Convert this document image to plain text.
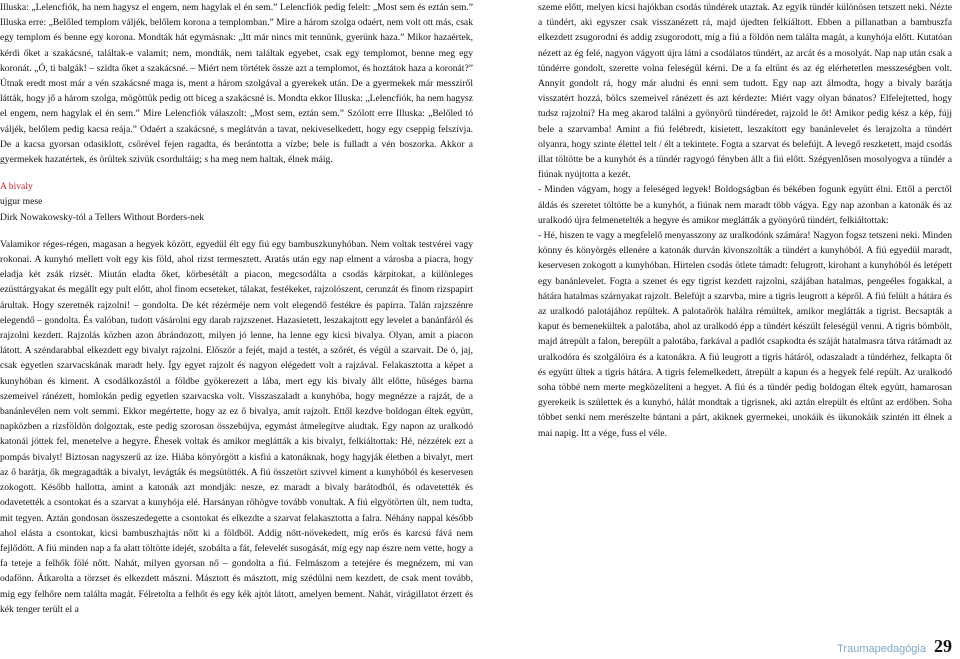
Illuska: „Lelencfiók, ha nem hagysz el engem, nem hagylak el én sem.” Lelencfiók pedig felelt: „Most sem és eztán sem.” Illuska erre: „Belőled templom váljék, belőlem korona a templomban.” Mire a három szolga odaért, nem volt ott más, csak egy templom és benne egy korona. Mondták hát egymásnak: „Itt már nincs mit tennünk, gyerünk haza.” Mikor hazaértek, kérdi őket a szakácsné, találtak-e valamit; nem, mondták, nem találtak egyebet, csak egy templomot, benne meg egy koronát. „Ó, ti balgák! – szidta őket a szakácsné. – Miért nem törtétek össze azt a templomot, és hoztátok haza a koronát?” Útnak eredt most már a vén szakácsné maga is, ment a három szolgával a gyerekek után. De a gyermekek már messziről látták, hogy jő a három szolga, mögöttük pedig ott biceg a szakácsné is. Mondta ekkor Illuska: „Lelencfiók, ha nem hagysz el engem, nem hagylak el én sem.” Mire Lelencfiók válaszolt: „Most sem, eztán sem.” Szólott erre Illuska: „Belőled tó váljék, belőlem pedig kacsa reája.” Odaért a szakácsné, s meglátván a tavat, nekiveselkedett, hogy egy cseppig felszívja. De a kacsa gyorsan odasiklott, csőrével fejen ragadta, és berántotta a vízbe; bele is fulladt a vén boszorka. Akkor a gyermekek hazatértek, és örültek szívük csordultáig; s ha meg nem haltak, élnek máig.

A bivaly

ujgur mese

Dirk Nowakowsky-tól a Tellers Without Borders-nek

Valamikor réges-régen, magasan a hegyek között, egyedül élt egy fiú egy bambuszkunyhóban. Nem voltak testvérei vagy rokonai. A kunyhó mellett volt egy kis föld, ahol rizst termesztett. Aratás után egy nap elment a városba a piacra, hogy eladja két zsák rizsét. Miután eladta őket, körbesétált a piacon, megcsodálta a csodás kárpitokat, a különleges ezüsttárgyakat és megállt egy pult előtt, ahol finom ecseteket, tálakat, festékeket, rajzolószent, cerunzát és finom rizspapírt árultak. Hogy szeretnék rajzolni! – gondolta. De két rézérméje nem volt elegendő festékre és papírra. Talán rajzszénre elegendő – gondolta. És valóban, tudott vásárolni egy darab rajzszenet. Hazasietett, leszakajtott egy levelet a banánfáról és rajzolni kezdett. Rajzolás közben azon ábrándozott, milyen jó lenne, ha lenne egy kicsi bivalya. Olyan, amit a piacon látott. A széndarabbal elkezdett egy bivalyt rajzolni. Először a fejét, majd a testét, a szőrét, és végül a szarvait. De ó, jaj, csak egyetlen szarvacskának maradt hely. Így egyet rajzolt és nagyon elégedett volt a rajzával. Felakasztotta a képet a kunyhóban és kiment. A csodálkozástól a földbe gyökerezett a lába, mert egy kis bivaly állt előtte, hűséges barna szemeivel ránézett, homlokán pedig egyetlen szarvacska volt. Visszaszaladt a kunyhóba, hogy megnézze a rajzát, de a banánlevélen nem volt semmi. Ekkor megértette, hogy az ez ő bivalya, amit rajzolt. Ettől kezdve boldogan éltek együtt, napközben a rizsföldön dolgoztak, este pedig szorosan összebújva, egymást átmelegítve aludtak. Egy napon az uralkodó katonái jöttek fel, menetelve a hegyre. Éhesek voltak és amikor meglátták a kis bivalyt, felkiáltottak: Hé, nézzétek ezt a pompás bivalyt! Biztosan nagyszerű az íze. Hiába könyörgött a kisfiú a katonáknak, hogy hagyják életben a bivalyt, mert az ő barátja, ők megragadták a bivalyt, levágták és megsütötték. A fiú összetört szívvel kiment a kunyhóból és keservesen zokogott. Később hallotta, amint a katonák azt mondják: nesze, ez maradt a bivaly barátodból, és odavetették és odavetették a csontokat és a szarvat a kunyhója elé. Harsányan röhögve tovább vonultak. A fiú elgyötörten ült, nem tudta, mit tegyen. Aztán gondosan összeszedegette a csontokat és elkezdte a szarvat felakasztotta a falra. Néhány nappal később ahol elásta a csontokat, kicsi bambuszhajtás nőtt ki a földből. Addig nőtt-növekedett, míg erős és karcsú fává nem fejlődött. A fiú minden nap a fa alatt töltötte idejét, szobálta a fát, felevelét susogását, míg egy nap észre nem vette, hogy a fa teteje a felhők fölé nőtt. Nahát, milyen gyorsan nő – gondolta a fiú. Felmászom a tetejére és megnézem, mi van odafönn. Átkarolta a törzset és elkezdett mászni. Másztott és másztott, míg szédülni nem kezdett, de csak ment tovább, míg egy felhőre nem találta magát. Félretolta a felhőt és egy kék ajtót látott, amelyen bement. Nahát, virágillatot érzett és kék tenger terült el a

szeme előtt, melyen kicsi hajókban csodás tündérek utaztak. Az egyik tündér különösen tetszett neki. Nézte a tündért, aki egyszer csak visszanézett rá, majd újedten felkiáltott. Ebben a pillanatban a bambuszfa elkezdett zsugorodni és addig zsugorodott, míg a fiú a földön nem találta magát, a kunyhója előtt. Kutatóan nézett az ég felé, nagyon vágyott újra látni a csodálatos tündért, az arcát és a mosolyát. Nap nap után csak a tündérre gondolt, szerette volna feleségül kérni. De a fa eltűnt és az ég elérhetetlen messzeségben volt. Annyit gondolt rá, hogy már aludni és enni sem tudott. Egy nap azt álmodta, hogy a bivaly barátja visszatért hozzá, bölcs szemeivel ránézett és azt kérdezte: Miért vagy olyan bánatos? Elfelejtetted, hogy tudsz rajzolni? Ha meg akarod találni a gyönyörű tündéredet, rajzold le őt! Amikor pedig kész a kép, fújj bele a szarvamba! Amint a fiú felébredt, kisietett, leszakított egy banánlevelet és lerajzolta a tündért olyanra, hogy szinte élettel telt / élt a tekintete. Fogta a szarvat és belefújt. A levegő reszketett, majd csodás illat töltötte be a kunyhót és a tündér ragyogó fényben állt a fiú előtt. Szégyenlősen mosolyogva a tündér a fiúnak nyújtotta a kezét.
- Minden vágyam, hogy a feleséged legyek! Boldogságban és békében fogunk együtt élni. Ettől a perctől áldás és szeretet töltötte be a kunyhót, a fiúnak nem maradt több vágya. Egy nap azonban a katonák és az uralkodó újra felmenetelték a hegyre és amikor meglátták a gyönyörű tündért, felkiáltottak:
- Hé, hiszen te vagy a megfelelő menyasszony az uralkodónk számára! Nagyon fogsz tetszeni neki. Minden könny és könyörgés ellenére a katonák durván kivonszolták a tündért a kunyhóból. A fiú egyedül maradt, keservesen zokogott a kunyhóban. Hirtelen csodás ötlete támadt: felugrott, kirohant a kunyhóból és letépett egy banánlevelet. Fogta a szenet és egy tigrist kezdett rajzolni, szájában hatalmas, pengeéles fogakkal, a hátára hatalmas szárnyakat rajzolt. Belefújt a szarvba, mire a tigris leugrott a képről. A fiú felült a hátára és az uralkodó palotájához repültek. A palotaőrök halálra rémültek, amikor meglátták a tigrist. Becsapták a kaput és bemenekültek a palotába, ahol az uralkodó épp a tündért készült feleségül venni. A tigris bömbölt, majd átrepült a falon, berepült a palotába, farkával a padlót csapkodta és száját hatalmasra tátva rátámadt az uralkodóra és szolgálóira és a katonákra. A fiú leugrott a tigris hátáról, odaszaladt a tündérhez, felkapta őt és együtt ültek a tigris hátára. A tigris felemelkedett, átrepült a kapun és a hegyek felé repült. Az uralkodó soha többé nem merte megközelíteni a hegyet. A fiú és a tündér pedig boldogan éltek együtt, hamarosan gyerekeik is születtek és a kunyhó, hálát mondtak a tigrisnek, aki aztán elrepült és eltűnt az erdőben. Soha többet senki nem merészelte bántani a párt, akiknek gyermekei, unokáik és ükunokáik szintén itt élnek a mai napig. Itt a vége, fuss el véle.

Traumapedagógia 29
